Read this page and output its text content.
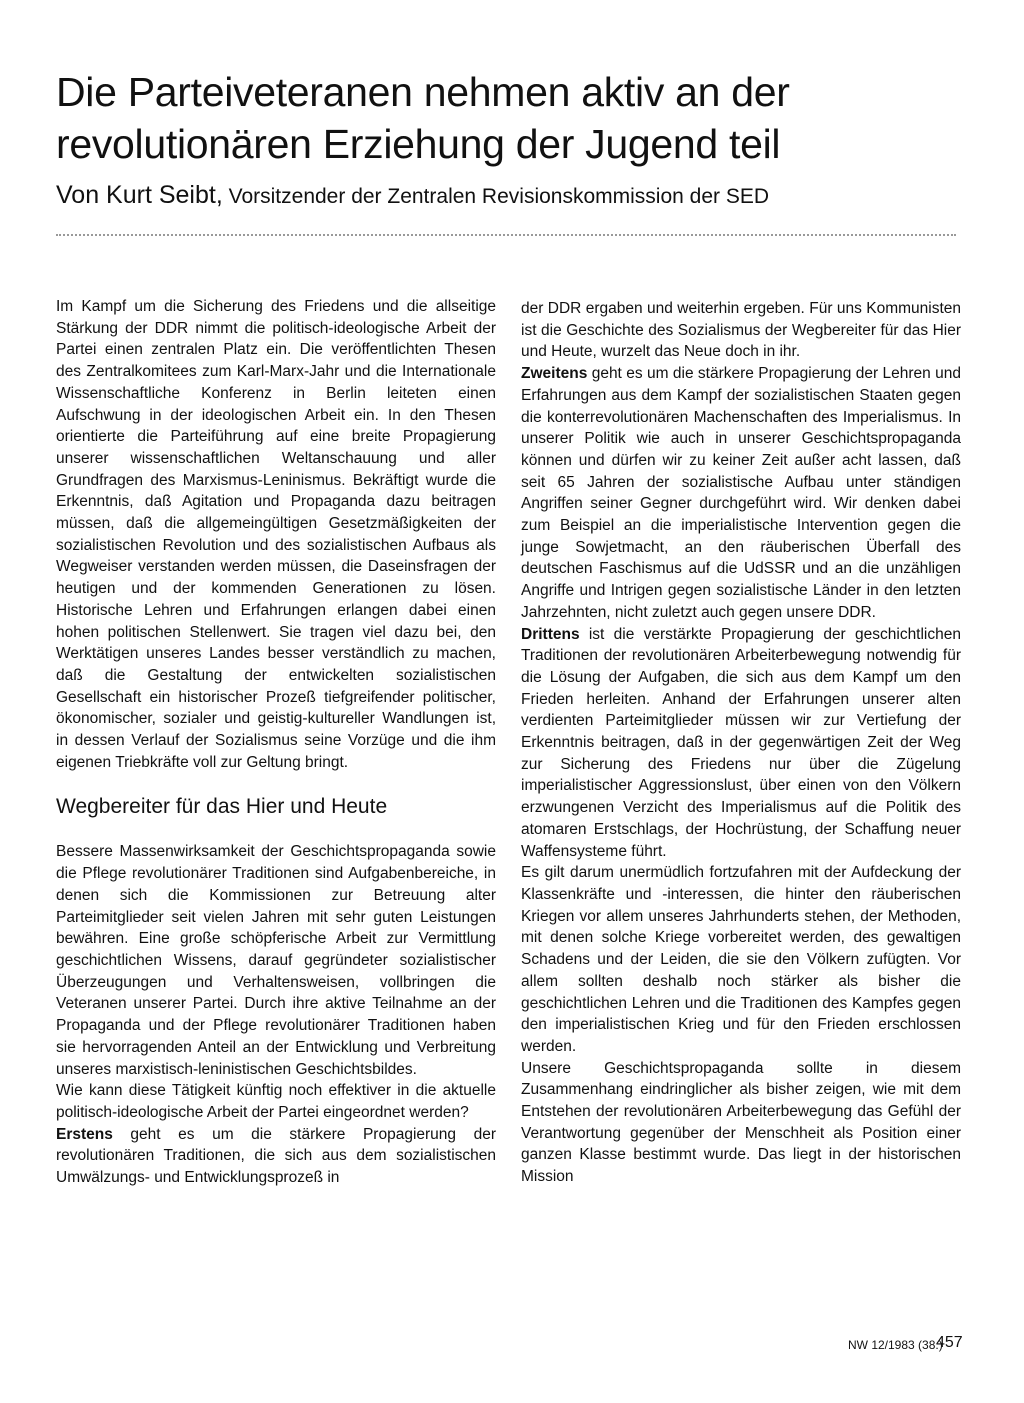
Die Parteiveteranen nehmen aktiv an der revolutionären Erziehung der Jugend teil

Von Kurt Seibt, Vorsitzender der Zentralen Revisionskommission der SED

Im Kampf um die Sicherung des Friedens und die allseitige Stärkung der DDR nimmt die politisch-ideologische Arbeit der Partei einen zentralen Platz ein. Die veröffentlichten Thesen des Zentralkomitees zum Karl-Marx-Jahr und die Internationale Wissenschaftliche Konferenz in Berlin leiteten einen Aufschwung in der ideologischen Arbeit ein. In den Thesen orientierte die Parteiführung auf eine breite Propagierung unserer wissenschaftlichen Weltanschauung und aller Grundfragen des Marxismus-Leninismus. Bekräftigt wurde die Erkenntnis, daß Agitation und Propaganda dazu beitragen müssen, daß die allgemeingültigen Gesetzmäßigkeiten der sozialistischen Revolution und des sozialistischen Aufbaus als Wegweiser verstanden werden müssen, die Daseinsfragen der heutigen und der kommenden Generationen zu lösen. Historische Lehren und Erfahrungen erlangen dabei einen hohen politischen Stellenwert. Sie tragen viel dazu bei, den Werktätigen unseres Landes besser verständlich zu machen, daß die Gestaltung der entwickelten sozialistischen Gesellschaft ein historischer Prozeß tiefgreifender politischer, ökonomischer, sozialer und geistig-kultureller Wandlungen ist, in dessen Verlauf der Sozialismus seine Vorzüge und die ihm eigenen Triebkräfte voll zur Geltung bringt.

Wegbereiter für das Hier und Heute

Bessere Massenwirksamkeit der Geschichtspropaganda sowie die Pflege revolutionärer Traditionen sind Aufgabenbereiche, in denen sich die Kommissionen zur Betreuung alter Parteimitglieder seit vielen Jahren mit sehr guten Leistungen bewähren. Eine große schöpferische Arbeit zur Vermittlung geschichtlichen Wissens, darauf gegründeter sozialistischer Überzeugungen und Verhaltensweisen, vollbringen die Veteranen unserer Partei. Durch ihre aktive Teilnahme an der Propaganda und der Pflege revolutionärer Traditionen haben sie hervorragenden Anteil an der Entwicklung und Verbreitung unseres marxistisch-leninistischen Geschichtsbildes.

Wie kann diese Tätigkeit künftig noch effektiver in die aktuelle politisch-ideologische Arbeit der Partei eingeordnet werden?

Erstens geht es um die stärkere Propagierung der revolutionären Traditionen, die sich aus dem sozialistischen Umwälzungs- und Entwicklungsprozeß in

der DDR ergaben und weiterhin ergeben. Für uns Kommunisten ist die Geschichte des Sozialismus der Wegbereiter für das Hier und Heute, wurzelt das Neue doch in ihr.

Zweitens geht es um die stärkere Propagierung der Lehren und Erfahrungen aus dem Kampf der sozialistischen Staaten gegen die konterrevolutionären Machenschaften des Imperialismus. In unserer Politik wie auch in unserer Geschichtspropaganda können und dürfen wir zu keiner Zeit außer acht lassen, daß seit 65 Jahren der sozialistische Aufbau unter ständigen Angriffen seiner Gegner durchgeführt wird. Wir denken dabei zum Beispiel an die imperialistische Intervention gegen die junge Sowjetmacht, an den räuberischen Überfall des deutschen Faschismus auf die UdSSR und an die unzähligen Angriffe und Intrigen gegen sozialistische Länder in den letzten Jahrzehnten, nicht zuletzt auch gegen unsere DDR.

Drittens ist die verstärkte Propagierung der geschichtlichen Traditionen der revolutionären Arbeiterbewegung notwendig für die Lösung der Aufgaben, die sich aus dem Kampf um den Frieden herleiten. Anhand der Erfahrungen unserer alten verdienten Parteimitglieder müssen wir zur Vertiefung der Erkenntnis beitragen, daß in der gegenwärtigen Zeit der Weg zur Sicherung des Friedens nur über die Zügelung imperialistischer Aggressionslust, über einen von den Völkern erzwungenen Verzicht des Imperialismus auf die Politik des atomaren Erstschlags, der Hochrüstung, der Schaffung neuer Waffensysteme führt.

Es gilt darum unermüdlich fortzufahren mit der Aufdeckung der Klassenkräfte und -interessen, die hinter den räuberischen Kriegen vor allem unseres Jahrhunderts stehen, der Methoden, mit denen solche Kriege vorbereitet werden, des gewaltigen Schadens und der Leiden, die sie den Völkern zufügten. Vor allem sollten deshalb noch stärker als bisher die geschichtlichen Lehren und die Traditionen des Kampfes gegen den imperialistischen Krieg und für den Frieden erschlossen werden.

Unsere Geschichtspropaganda sollte in diesem Zusammenhang eindringlicher als bisher zeigen, wie mit dem Entstehen der revolutionären Arbeiterbewegung das Gefühl der Verantwortung gegenüber der Menschheit als Position einer ganzen Klasse bestimmt wurde. Das liegt in der historischen Mission

NW 12/1983 (38.)
457
